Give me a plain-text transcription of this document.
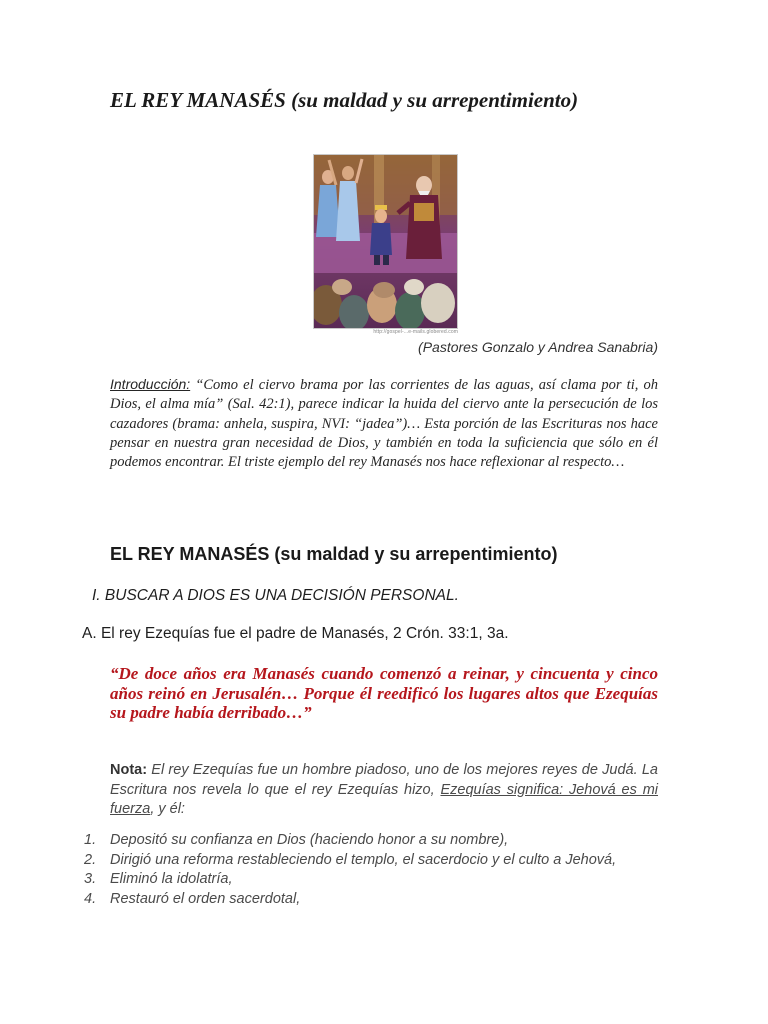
EL REY MANASÉS (su maldad y su arrepentimiento)
http://gospel-...e-mails.globered.com
(Pastores Gonzalo y Andrea Sanabria)

Introducción: “Como el ciervo brama por las corrientes de las aguas, así clama por ti, oh Dios, el alma mía” (Sal. 42:1), parece indicar la huida del ciervo ante la persecución de los cazadores (brama: anhela, suspira, NVI: “jadea”)… Esta porción de las Escrituras nos hace pensar en nuestra gran necesidad de Dios, y también en toda la suficiencia que sólo en él podemos encontrar. El triste ejemplo del rey Manasés nos hace reflexionar al respecto…

EL REY MANASÉS (su maldad y su arrepentimiento)

I. BUSCAR A DIOS ES UNA DECISIÓN PERSONAL.

A. El rey Ezequías fue el padre de Manasés, 2 Crón. 33:1, 3a.

“De doce años era Manasés cuando comenzó a reinar, y cincuenta y cinco años reinó en Jerusalén… Porque él reedificó los lugares altos que Ezequías su padre había derribado…”

Nota: El rey Ezequías fue un hombre piadoso, uno de los mejores reyes de Judá. La Escritura nos revela lo que el rey Ezequías hizo, Ezequías significa: Jehová es mi fuerza, y él:

1. Depositó su confianza en Dios (haciendo honor a su nombre),
2. Dirigió una reforma restableciendo el templo, el sacerdocio y el culto a Jehová,
3. Eliminó la idolatría,
4. Restauró el orden sacerdotal,
